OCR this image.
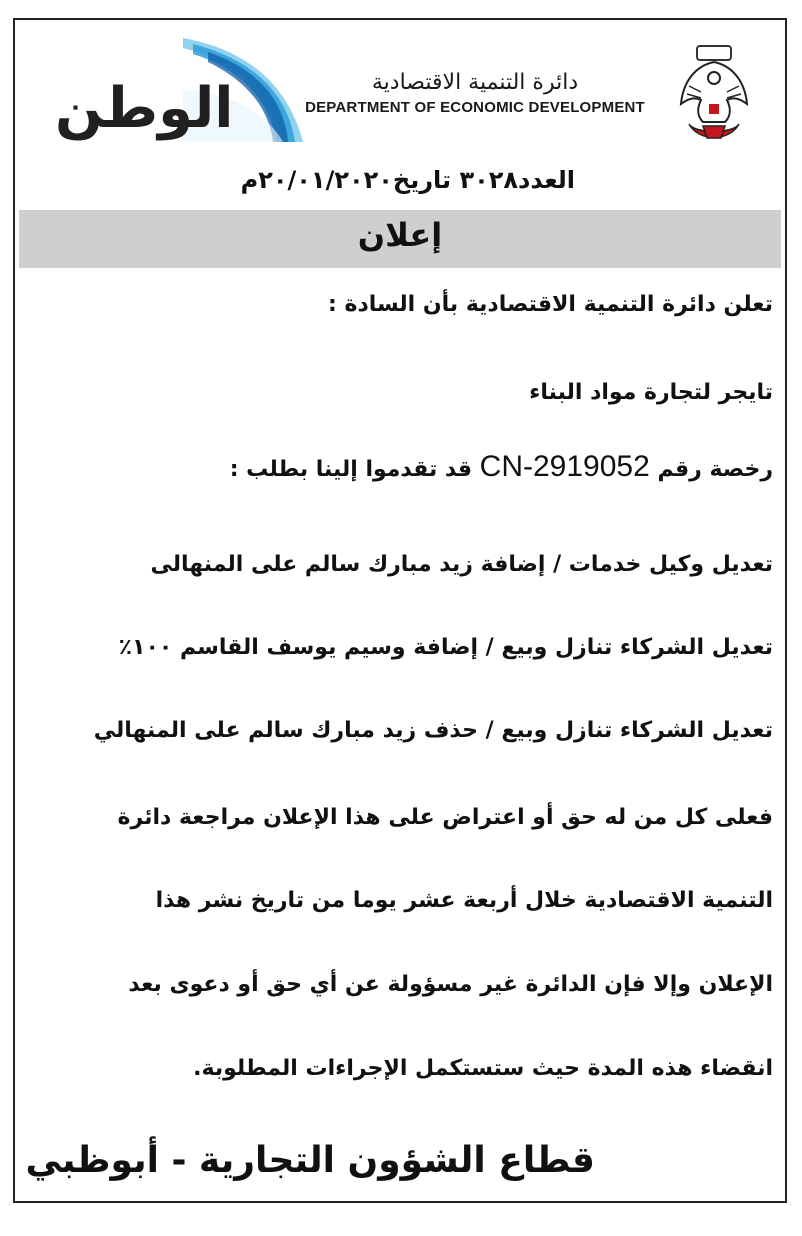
الوطن	دائرة التنمية الاقتصادية
DEPARTMENT OF ECONOMIC DEVELOPMENT
العدد٣٠٢٨ تاريخ٢٠/٠١/٢٠٢٠م
إعلان
تعلن دائرة التنمية الاقتصادية بأن السادة :
تايجر لتجارة مواد البناء
رخصة رقم CN-2919052 قد تقدموا إلينا بطلب :
تعديل وكيل خدمات / إضافة زيد مبارك سالم على المنهالى
تعديل الشركاء تنازل وبيع / إضافة وسيم يوسف القاسم ١٠٠٪
تعديل الشركاء تنازل وبيع / حذف زيد مبارك سالم على المنهالي
فعلى كل من له حق أو اعتراض على هذا الإعلان مراجعة دائرة
التنمية الاقتصادية خلال أربعة عشر يوما من تاريخ نشر هذا
الإعلان وإلا فإن الدائرة غير مسؤولة عن أي حق أو دعوى بعد
انقضاء هذه المدة حيث ستستكمل الإجراءات المطلوبة.
قطاع الشؤون التجارية - أبوظبي
